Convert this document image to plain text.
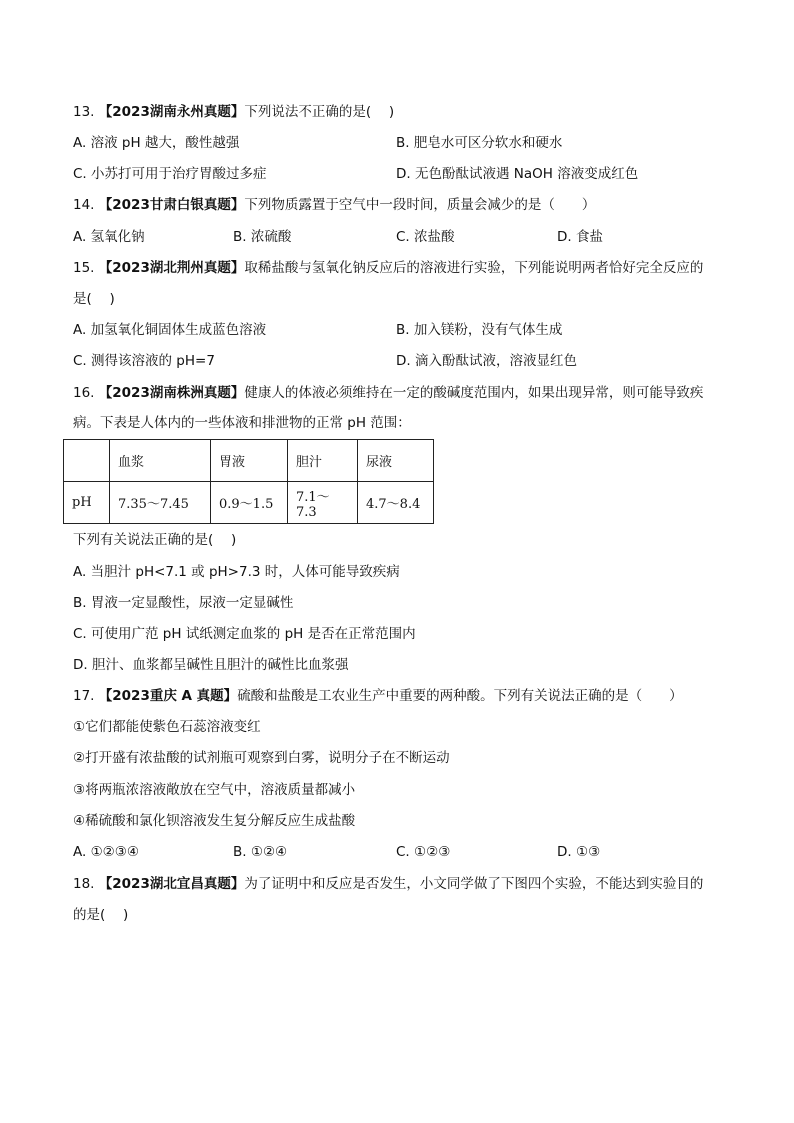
13. 【2023湖南永州真题】下列说法不正确的是(　 )
A. 溶液 pH 越大，酸性越强	B. 肥皂水可区分软水和硬水
C. 小苏打可用于治疗胃酸过多症	D. 无色酚酞试液遇 NaOH 溶液变成红色
14. 【2023甘肃白银真题】下列物质露置于空气中一段时间，质量会减少的是（　　）
A. 氢氧化钠	B. 浓硫酸	C. 浓盐酸	D. 食盐
15. 【2023湖北荆州真题】取稀盐酸与氢氧化钠反应后的溶液进行实验，下列能说明两者恰好完全反应的
是(　 )
A. 加氢氧化铜固体生成蓝色溶液	B. 加入镁粉，没有气体生成
C. 测得该溶液的 pH=7	D. 滴入酚酞试液，溶液显红色
16. 【2023湖南株洲真题】健康人的体液必须维持在一定的酸碱度范围内，如果出现异常，则可能导致疾
病。下表是人体内的一些体液和排泄物的正常 pH 范围：
	血浆	胃液	胆汁	尿液
pH	7.35～7.45	0.9～1.5	7.1～7.3	4.7～8.4
下列有关说法正确的是(　 )
A. 当胆汁 pH<7.1 或 pH>7.3 时，人体可能导致疾病
B. 胃液一定显酸性，尿液一定显碱性
C. 可使用广范 pH 试纸测定血浆的 pH 是否在正常范围内
D. 胆汁、血浆都呈碱性且胆汁的碱性比血浆强
17. 【2023重庆 A 真题】硫酸和盐酸是工农业生产中重要的两种酸。下列有关说法正确的是（　　）
①它们都能使紫色石蕊溶液变红
②打开盛有浓盐酸的试剂瓶可观察到白雾，说明分子在不断运动
③将两瓶浓溶液敞放在空气中，溶液质量都减小
④稀硫酸和氯化钡溶液发生复分解反应生成盐酸
A. ①②③④	B. ①②④	C. ①②③	D. ①③
18. 【2023湖北宜昌真题】为了证明中和反应是否发生，小文同学做了下图四个实验，不能达到实验目的
的是(　 )
